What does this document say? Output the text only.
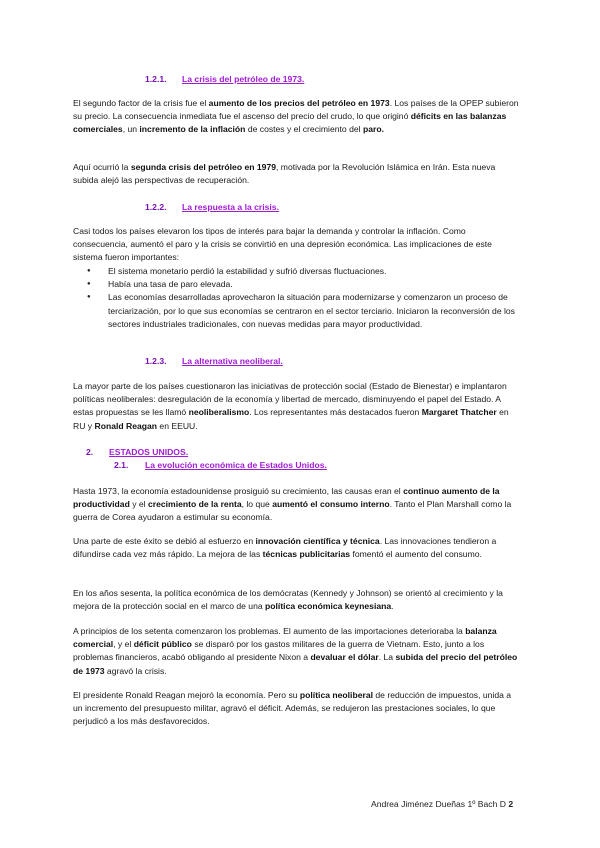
1.2.1. La crisis del petróleo de 1973.

El segundo factor de la crisis fue el aumento de los precios del petróleo en 1973. Los países de la OPEP subieron su precio. La consecuencia inmediata fue el ascenso del precio del crudo, lo que originó déficits en las balanzas comerciales, un incremento de la inflación de costes y el crecimiento del paro.

Aquí ocurrió la segunda crisis del petróleo en 1979, motivada por la Revolución Islámica en Irán. Esta nueva subida alejó las perspectivas de recuperación.

1.2.2. La respuesta a la crisis.

Casi todos los países elevaron los tipos de interés para bajar la demanda y controlar la inflación. Como consecuencia, aumentó el paro y la crisis se convirtió en una depresión económica. Las implicaciones de este sistema fueron importantes:

● El sistema monetario perdió la estabilidad y sufrió diversas fluctuaciones.
● Había una tasa de paro elevada.
● Las economías desarrolladas aprovecharon la situación para modernizarse y comenzaron un proceso de terciarización, por lo que sus economías se centraron en el sector terciario. Iniciaron la reconversión de los sectores industriales tradicionales, con nuevas medidas para mayor productividad.
1.2.3. La alternativa neoliberal.

La mayor parte de los países cuestionaron las iniciativas de protección social (Estado de Bienestar) e implantaron políticas neoliberales: desregulación de la economía y libertad de mercado, disminuyendo el papel del Estado. A estas propuestas se les llamó neoliberalismo. Los representantes más destacados fueron Margaret Thatcher en RU y Ronald Reagan en EEUU.

2. ESTADOS UNIDOS.
2.1. La evolución económica de Estados Unidos.

Hasta 1973, la economía estadounidense prosiguió su crecimiento, las causas eran el continuo aumento de la productividad y el crecimiento de la renta, lo que aumentó el consumo interno. Tanto el Plan Marshall como la guerra de Corea ayudaron a estimular su economía.

Una parte de este éxito se debió al esfuerzo en innovación científica y técnica. Las innovaciones tendieron a difundirse cada vez más rápido. La mejora de las técnicas publicitarias fomentó el aumento del consumo.

En los años sesenta, la política económica de los demócratas (Kennedy y Johnson) se orientó al crecimiento y la mejora de la protección social en el marco de una política económica keynesiana.

A principios de los setenta comenzaron los problemas. El aumento de las importaciones deterioraba la balanza comercial, y el déficit público se disparó por los gastos militares de la guerra de Vietnam. Esto, junto a los problemas financieros, acabó obligando al presidente Nixon a devaluar el dólar. La subida del precio del petróleo de 1973 agravó la crisis.

El presidente Ronald Reagan mejoró la economía. Pero su política neoliberal de reducción de impuestos, unida a un incremento del presupuesto militar, agravó el déficit. Además, se redujeron las prestaciones sociales, lo que perjudicó a los más desfavorecidos.

Andrea Jiménez Dueñas 1º Bach D 2
